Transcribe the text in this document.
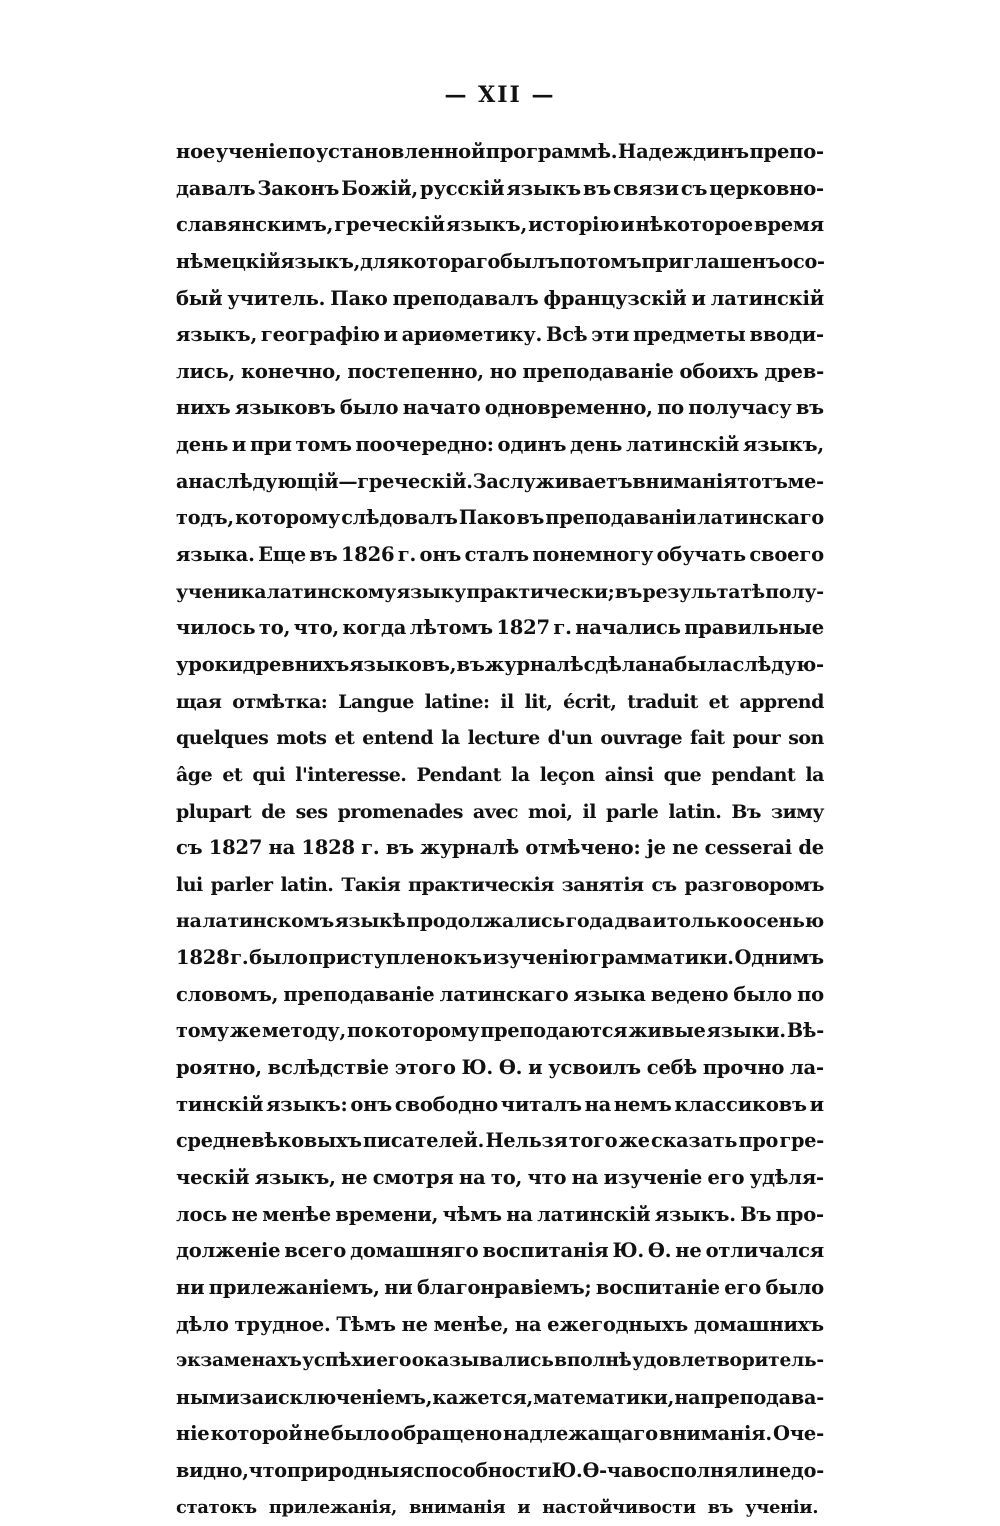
— XII —
ное ученіе по установленной программѣ. Надеждинъ препо-
давалъ Законъ Божій, русскій языкъ въ связи съ церковно-
славянскимъ, греческій языкъ, исторію и нѣкоторое время
нѣмецкій языкъ, для котораго былъ потомъ приглашенъ осо-
бый учитель. Пако преподавалъ французскій и латинскій
языкъ, географію и ариѳметику. Всѣ эти предметы вводи-
лись, конечно, постепенно, но преподаваніе обоихъ древ-
нихъ языковъ было начато одновременно, по получасу въ
день и при томъ поочередно: одинъ день латинскій языкъ,
а на слѣдующій—греческій. Заслуживаетъ вниманія тотъ ме-
тодъ, которому слѣдовалъ Пако въ преподаваніи латинскаго
языка. Еще въ 1826 г. онъ сталъ понемногу обучать своего
ученика латинскому языку практически; въ результатѣ полу-
чилось то, что, когда лѣтомъ 1827 г. начались правильные
уроки древнихъ языковъ, въ журналѣ сдѣлана была слѣдую-
щая отмѣтка: Langue latine: il lit, écrit, traduit et apprend
quelques mots et entend la lecture d'un ouvrage fait pour son
âge et qui l'interesse. Pendant la leçon ainsi que pendant la
plupart de ses promenades avec moi, il parle latin. Въ зиму
съ 1827 на 1828 г. въ журналѣ отмѣчено: je ne cesserai de
lui parler latin. Такія практическія занятія съ разговоромъ
на латинскомъ языкѣ продолжались года два и только осенью
1828 г. было приступлено къ изученію грамматики. Однимъ
словомъ, преподаваніе латинскаго языка ведено было по
тому же методу, по которому преподаются живые языки. Вѣ-
роятно, вслѣдствіе этого Ю. Ѳ. и усвоилъ себѣ прочно ла-
тинскій языкъ: онъ свободно читалъ на немъ классиковъ и
средневѣковыхъ писателей. Нельзя того же сказать про гре-
ческій языкъ, не смотря на то, что на изученіе его удѣля-
лось не менѣе времени, чѣмъ на латинскій языкъ. Въ про-
долженіе всего домашняго воспитанія Ю. Ѳ. не отличался
ни прилежаніемъ, ни благонравіемъ; воспитаніе его было
дѣло трудное. Тѣмъ не менѣе, на ежегодныхъ домашнихъ
экзаменахъ успѣхи его оказывались вполнѣ удовлетворитель-
ными за исключеніемъ, кажется, математики, на преподава-
ніе которой не было обращено надлежащаго вниманія. Оче-
видно, что природныя способности Ю. Ѳ-ча восполняли недо-
статокъ прилежанія, вниманія и настойчивости въ ученіи.
